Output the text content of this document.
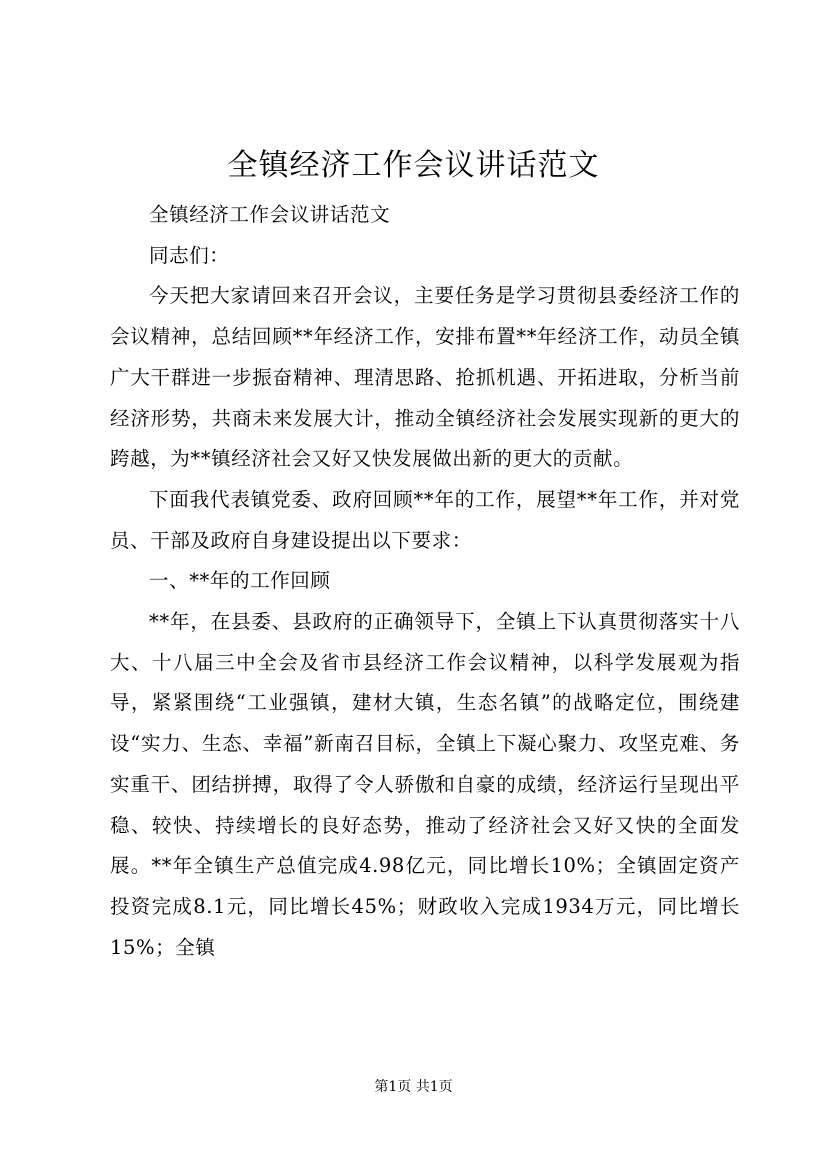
全镇经济工作会议讲话范文

全镇经济工作会议讲话范文

同志们：

今天把大家请回来召开会议，主要任务是学习贯彻县委经济工作的会议精神，总结回顾**年经济工作，安排布置**年经济工作，动员全镇广大干群进一步振奋精神、理清思路、抢抓机遇、开拓进取，分析当前经济形势，共商未来发展大计，推动全镇经济社会发展实现新的更大的跨越，为**镇经济社会又好又快发展做出新的更大的贡献。

下面我代表镇党委、政府回顾**年的工作，展望**年工作，并对党员、干部及政府自身建设提出以下要求：

一、**年的工作回顾

**年，在县委、县政府的正确领导下，全镇上下认真贯彻落实十八大、十八届三中全会及省市县经济工作会议精神，以科学发展观为指导，紧紧围绕“工业强镇，建材大镇，生态名镇”的战略定位，围绕建设“实力、生态、幸福”新南召目标，全镇上下凝心聚力、攻坚克难、务实重干、团结拼搏，取得了令人骄傲和自豪的成绩，经济运行呈现出平稳、较快、持续增长的良好态势，推动了经济社会又好又快的全面发展。**年全镇生产总值完成4.98亿元，同比增长10%；全镇固定资产投资完成8.1元，同比增长45%；财政收入完成1934万元，同比增长15%；全镇

第1页 共1页
